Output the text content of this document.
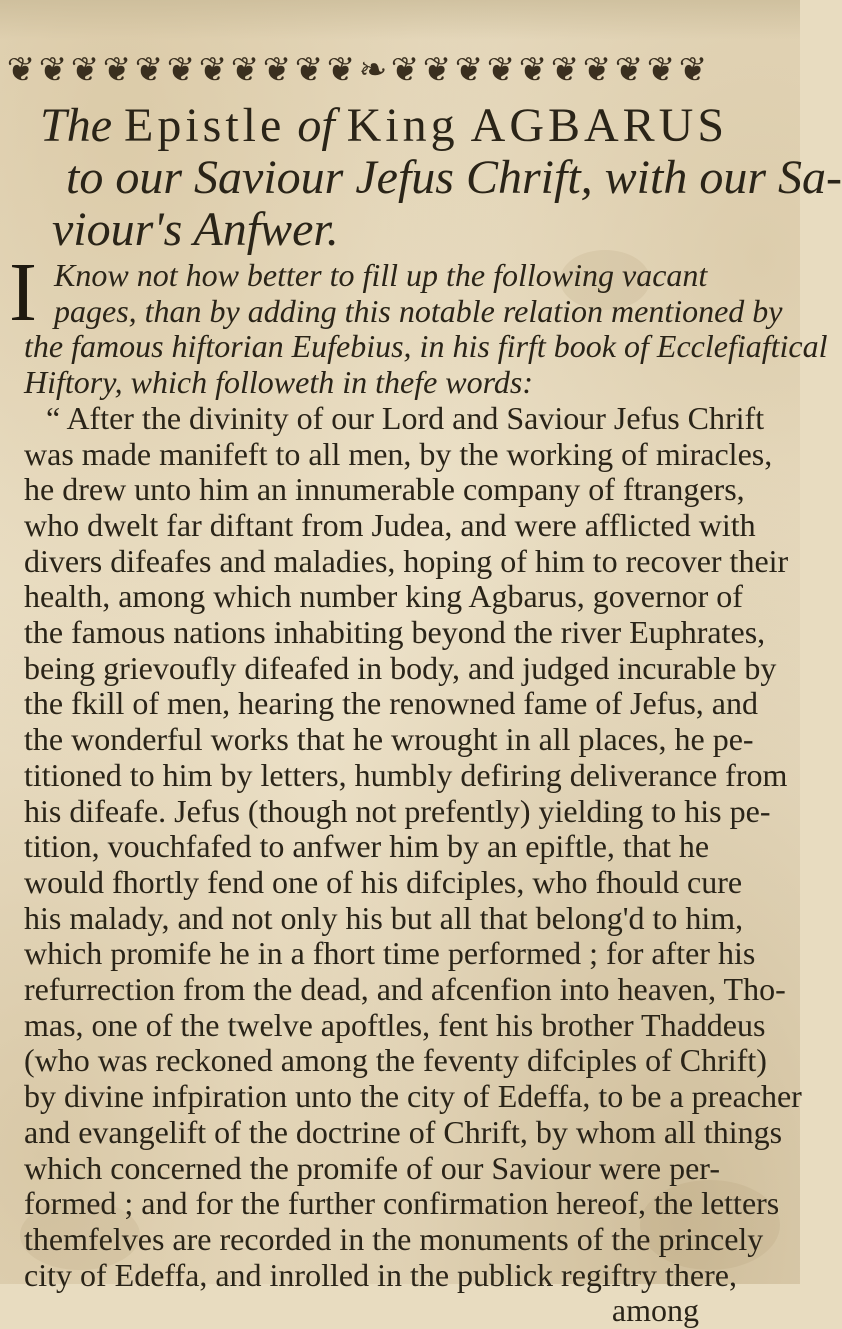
❦ ❦ ❦ ❦ ❦ ❦ ❦ ❦ ❦ ❦ ❦ ❧ ❦ ❦ ❦ ❦ ❦ ❦ ❦ ❦ ❦ ❦
The Epistle of King AGBARUS
to our Saviour Jefus Chrift, with our Sa-
viour's Anfwer.
I Know not how better to fill up the following vacant
pages, than by adding this notable relation mentioned by
the famous hiftorian Eufebius, in his firft book of Ecclefiaftical
Hiftory, which followeth in thefe words:
“ After the divinity of our Lord and Saviour Jefus Chrift
was made manifeft to all men, by the working of miracles,
he drew unto him an innumerable company of ftrangers,
who dwelt far diftant from Judea, and were afflicted with
divers difeafes and maladies, hoping of him to recover their
health, among which number king Agbarus, governor of
the famous nations inhabiting beyond the river Euphrates,
being grievoufly difeafed in body, and judged incurable by
the fkill of men, hearing the renowned fame of Jefus, and
the wonderful works that he wrought in all places, he pe-
titioned to him by letters, humbly defiring deliverance from
his difeafe. Jefus (though not prefently) yielding to his pe-
tition, vouchfafed to anfwer him by an epiftle, that he
would fhortly fend one of his difciples, who fhould cure
his malady, and not only his but all that belong'd to him,
which promife he in a fhort time performed ; for after his
refurrection from the dead, and afcenfion into heaven, Tho-
mas, one of the twelve apoftles, fent his brother Thaddeus
(who was reckoned among the feventy difciples of Chrift)
by divine infpiration unto the city of Edeffa, to be a preacher
and evangelift of the doctrine of Chrift, by whom all things
which concerned the promife of our Saviour were per-
formed ; and for the further confirmation hereof, the letters
themfelves are recorded in the monuments of the princely
city of Edeffa, and inrolled in the publick regiftry there,
among
